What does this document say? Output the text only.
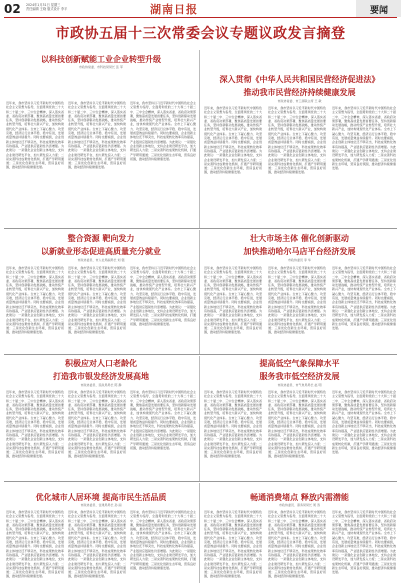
02 2024年1月31日 星期三
责任编辑 王晓 版式设计 李平	湖南日报	要闻
市政协五届十三次常委会议专题议政发言摘登
以科技创新赋能工业企业转型升级
市政协常委、市科技局局长 张 军
近年来，我市坚持以习近平新时代中国特色社会主义思想为指导，全面贯彻党的二十大和二十届二中、三中全会精神，深入落实省委、省政府决策部署，聚焦高质量发展首要任务，坚持创新驱动发展战略，推动传统产业转型升级，培育壮大新兴产业，加快构建现代化产业体系。全市上下凝心聚力、攻坚克难，经济运行总体平稳、稳中有进，发展质量效益持续提升。同时也要看到，企业创新主体地位还不够突出，科技成果转化效率有待提高，产业链供应链韧性仍需增强。为此建议：一是强化企业创新主体地位，支持企业建设研发平台，加大研发投入力度；二是完善科技成果转化机制，打通产学研用通道；三是优化创新生态环境，营造良好氛围，推动经济持续健康发展。
近年来，我市坚持以习近平新时代中国特色社会主义思想为指导，全面贯彻党的二十大和二十届二中、三中全会精神，深入落实省委、省政府决策部署，聚焦高质量发展首要任务，坚持创新驱动发展战略，推动传统产业转型升级，培育壮大新兴产业，加快构建现代化产业体系。全市上下凝心聚力、攻坚克难，经济运行总体平稳、稳中有进，发展质量效益持续提升。同时也要看到，企业创新主体地位还不够突出，科技成果转化效率有待提高，产业链供应链韧性仍需增强。为此建议：一是强化企业创新主体地位，支持企业建设研发平台，加大研发投入力度；二是完善科技成果转化机制，打通产学研用通道；三是优化创新生态环境，营造良好氛围，推动经济持续健康发展。
近年来，我市坚持以习近平新时代中国特色社会主义思想为指导，全面贯彻党的二十大和二十届二中、三中全会精神，深入落实省委、省政府决策部署，聚焦高质量发展首要任务，坚持创新驱动发展战略，推动传统产业转型升级，培育壮大新兴产业，加快构建现代化产业体系。全市上下凝心聚力、攻坚克难，经济运行总体平稳、稳中有进，发展质量效益持续提升。同时也要看到，企业创新主体地位还不够突出，科技成果转化效率有待提高，产业链供应链韧性仍需增强。为此建议：一是强化企业创新主体地位，支持企业建设研发平台，加大研发投入力度；二是完善科技成果转化机制，打通产学研用通道；三是优化创新生态环境，营造良好氛围，推动经济持续健康发展。
深入贯彻《中华人民共和国民营经济促进法》
推动我市民营经济持续健康发展
市政协常委、市工商联主席 王 敏
近年来，我市坚持以习近平新时代中国特色社会主义思想为指导，全面贯彻党的二十大和二十届二中、三中全会精神，深入落实省委、省政府决策部署，聚焦高质量发展首要任务，坚持创新驱动发展战略，推动传统产业转型升级，培育壮大新兴产业，加快构建现代化产业体系。全市上下凝心聚力、攻坚克难，经济运行总体平稳、稳中有进，发展质量效益持续提升。同时也要看到，企业创新主体地位还不够突出，科技成果转化效率有待提高，产业链供应链韧性仍需增强。为此建议：一是强化企业创新主体地位，支持企业建设研发平台，加大研发投入力度；二是完善科技成果转化机制，打通产学研用通道；三是优化创新生态环境，营造良好氛围，推动经济持续健康发展。
近年来，我市坚持以习近平新时代中国特色社会主义思想为指导，全面贯彻党的二十大和二十届二中、三中全会精神，深入落实省委、省政府决策部署，聚焦高质量发展首要任务，坚持创新驱动发展战略，推动传统产业转型升级，培育壮大新兴产业，加快构建现代化产业体系。全市上下凝心聚力、攻坚克难，经济运行总体平稳、稳中有进，发展质量效益持续提升。同时也要看到，企业创新主体地位还不够突出，科技成果转化效率有待提高，产业链供应链韧性仍需增强。为此建议：一是强化企业创新主体地位，支持企业建设研发平台，加大研发投入力度；二是完善科技成果转化机制，打通产学研用通道；三是优化创新生态环境，营造良好氛围，推动经济持续健康发展。
近年来，我市坚持以习近平新时代中国特色社会主义思想为指导，全面贯彻党的二十大和二十届二中、三中全会精神，深入落实省委、省政府决策部署，聚焦高质量发展首要任务，坚持创新驱动发展战略，推动传统产业转型升级，培育壮大新兴产业，加快构建现代化产业体系。全市上下凝心聚力、攻坚克难，经济运行总体平稳、稳中有进，发展质量效益持续提升。同时也要看到，企业创新主体地位还不够突出，科技成果转化效率有待提高，产业链供应链韧性仍需增强。为此建议：一是强化企业创新主体地位，支持企业建设研发平台，加大研发投入力度；二是完善科技成果转化机制，打通产学研用通道；三是优化创新生态环境，营造良好氛围，推动经济持续健康发展。
整合资源 靶向发力
以新就业形态促进高质量充分就业
市政协委员、市人社局副局长 刘 强
近年来，我市坚持以习近平新时代中国特色社会主义思想为指导，全面贯彻党的二十大和二十届二中、三中全会精神，深入落实省委、省政府决策部署，聚焦高质量发展首要任务，坚持创新驱动发展战略，推动传统产业转型升级，培育壮大新兴产业，加快构建现代化产业体系。全市上下凝心聚力、攻坚克难，经济运行总体平稳、稳中有进，发展质量效益持续提升。同时也要看到，企业创新主体地位还不够突出，科技成果转化效率有待提高，产业链供应链韧性仍需增强。为此建议：一是强化企业创新主体地位，支持企业建设研发平台，加大研发投入力度；二是完善科技成果转化机制，打通产学研用通道；三是优化创新生态环境，营造良好氛围，推动经济持续健康发展。
近年来，我市坚持以习近平新时代中国特色社会主义思想为指导，全面贯彻党的二十大和二十届二中、三中全会精神，深入落实省委、省政府决策部署，聚焦高质量发展首要任务，坚持创新驱动发展战略，推动传统产业转型升级，培育壮大新兴产业，加快构建现代化产业体系。全市上下凝心聚力、攻坚克难，经济运行总体平稳、稳中有进，发展质量效益持续提升。同时也要看到，企业创新主体地位还不够突出，科技成果转化效率有待提高，产业链供应链韧性仍需增强。为此建议：一是强化企业创新主体地位，支持企业建设研发平台，加大研发投入力度；二是完善科技成果转化机制，打通产学研用通道；三是优化创新生态环境，营造良好氛围，推动经济持续健康发展。
近年来，我市坚持以习近平新时代中国特色社会主义思想为指导，全面贯彻党的二十大和二十届二中、三中全会精神，深入落实省委、省政府决策部署，聚焦高质量发展首要任务，坚持创新驱动发展战略，推动传统产业转型升级，培育壮大新兴产业，加快构建现代化产业体系。全市上下凝心聚力、攻坚克难，经济运行总体平稳、稳中有进，发展质量效益持续提升。同时也要看到，企业创新主体地位还不够突出，科技成果转化效率有待提高，产业链供应链韧性仍需增强。为此建议：一是强化企业创新主体地位，支持企业建设研发平台，加大研发投入力度；二是完善科技成果转化机制，打通产学研用通道；三是优化创新生态环境，营造良好氛围，推动经济持续健康发展。
壮大市场主体 催化创新驱动
加快推动哈尔马店平台经济发展
市政协委员 李 华
近年来，我市坚持以习近平新时代中国特色社会主义思想为指导，全面贯彻党的二十大和二十届二中、三中全会精神，深入落实省委、省政府决策部署，聚焦高质量发展首要任务，坚持创新驱动发展战略，推动传统产业转型升级，培育壮大新兴产业，加快构建现代化产业体系。全市上下凝心聚力、攻坚克难，经济运行总体平稳、稳中有进，发展质量效益持续提升。同时也要看到，企业创新主体地位还不够突出，科技成果转化效率有待提高，产业链供应链韧性仍需增强。为此建议：一是强化企业创新主体地位，支持企业建设研发平台，加大研发投入力度；二是完善科技成果转化机制，打通产学研用通道；三是优化创新生态环境，营造良好氛围，推动经济持续健康发展。
近年来，我市坚持以习近平新时代中国特色社会主义思想为指导，全面贯彻党的二十大和二十届二中、三中全会精神，深入落实省委、省政府决策部署，聚焦高质量发展首要任务，坚持创新驱动发展战略，推动传统产业转型升级，培育壮大新兴产业，加快构建现代化产业体系。全市上下凝心聚力、攻坚克难，经济运行总体平稳、稳中有进，发展质量效益持续提升。同时也要看到，企业创新主体地位还不够突出，科技成果转化效率有待提高，产业链供应链韧性仍需增强。为此建议：一是强化企业创新主体地位，支持企业建设研发平台，加大研发投入力度；二是完善科技成果转化机制，打通产学研用通道；三是优化创新生态环境，营造良好氛围，推动经济持续健康发展。
近年来，我市坚持以习近平新时代中国特色社会主义思想为指导，全面贯彻党的二十大和二十届二中、三中全会精神，深入落实省委、省政府决策部署，聚焦高质量发展首要任务，坚持创新驱动发展战略，推动传统产业转型升级，培育壮大新兴产业，加快构建现代化产业体系。全市上下凝心聚力、攻坚克难，经济运行总体平稳、稳中有进，发展质量效益持续提升。同时也要看到，企业创新主体地位还不够突出，科技成果转化效率有待提高，产业链供应链韧性仍需增强。为此建议：一是强化企业创新主体地位，支持企业建设研发平台，加大研发投入力度；二是完善科技成果转化机制，打通产学研用通道；三是优化创新生态环境，营造良好氛围，推动经济持续健康发展。
积极应对人口老龄化
打造我市银发经济发展高地
市政协委员、民政局局长 陈 静
近年来，我市坚持以习近平新时代中国特色社会主义思想为指导，全面贯彻党的二十大和二十届二中、三中全会精神，深入落实省委、省政府决策部署，聚焦高质量发展首要任务，坚持创新驱动发展战略，推动传统产业转型升级，培育壮大新兴产业，加快构建现代化产业体系。全市上下凝心聚力、攻坚克难，经济运行总体平稳、稳中有进，发展质量效益持续提升。同时也要看到，企业创新主体地位还不够突出，科技成果转化效率有待提高，产业链供应链韧性仍需增强。为此建议：一是强化企业创新主体地位，支持企业建设研发平台，加大研发投入力度；二是完善科技成果转化机制，打通产学研用通道；三是优化创新生态环境，营造良好氛围，推动经济持续健康发展。
近年来，我市坚持以习近平新时代中国特色社会主义思想为指导，全面贯彻党的二十大和二十届二中、三中全会精神，深入落实省委、省政府决策部署，聚焦高质量发展首要任务，坚持创新驱动发展战略，推动传统产业转型升级，培育壮大新兴产业，加快构建现代化产业体系。全市上下凝心聚力、攻坚克难，经济运行总体平稳、稳中有进，发展质量效益持续提升。同时也要看到，企业创新主体地位还不够突出，科技成果转化效率有待提高，产业链供应链韧性仍需增强。为此建议：一是强化企业创新主体地位，支持企业建设研发平台，加大研发投入力度；二是完善科技成果转化机制，打通产学研用通道；三是优化创新生态环境，营造良好氛围，推动经济持续健康发展。
近年来，我市坚持以习近平新时代中国特色社会主义思想为指导，全面贯彻党的二十大和二十届二中、三中全会精神，深入落实省委、省政府决策部署，聚焦高质量发展首要任务，坚持创新驱动发展战略，推动传统产业转型升级，培育壮大新兴产业，加快构建现代化产业体系。全市上下凝心聚力、攻坚克难，经济运行总体平稳、稳中有进，发展质量效益持续提升。同时也要看到，企业创新主体地位还不够突出，科技成果转化效率有待提高，产业链供应链韧性仍需增强。为此建议：一是强化企业创新主体地位，支持企业建设研发平台，加大研发投入力度；二是完善科技成果转化机制，打通产学研用通道；三是优化创新生态环境，营造良好氛围，推动经济持续健康发展。
提高低空气象保障水平
服务我市低空经济发展
市政协委员、市气象局局长 赵 明
近年来，我市坚持以习近平新时代中国特色社会主义思想为指导，全面贯彻党的二十大和二十届二中、三中全会精神，深入落实省委、省政府决策部署，聚焦高质量发展首要任务，坚持创新驱动发展战略，推动传统产业转型升级，培育壮大新兴产业，加快构建现代化产业体系。全市上下凝心聚力、攻坚克难，经济运行总体平稳、稳中有进，发展质量效益持续提升。同时也要看到，企业创新主体地位还不够突出，科技成果转化效率有待提高，产业链供应链韧性仍需增强。为此建议：一是强化企业创新主体地位，支持企业建设研发平台，加大研发投入力度；二是完善科技成果转化机制，打通产学研用通道；三是优化创新生态环境，营造良好氛围，推动经济持续健康发展。
近年来，我市坚持以习近平新时代中国特色社会主义思想为指导，全面贯彻党的二十大和二十届二中、三中全会精神，深入落实省委、省政府决策部署，聚焦高质量发展首要任务，坚持创新驱动发展战略，推动传统产业转型升级，培育壮大新兴产业，加快构建现代化产业体系。全市上下凝心聚力、攻坚克难，经济运行总体平稳、稳中有进，发展质量效益持续提升。同时也要看到，企业创新主体地位还不够突出，科技成果转化效率有待提高，产业链供应链韧性仍需增强。为此建议：一是强化企业创新主体地位，支持企业建设研发平台，加大研发投入力度；二是完善科技成果转化机制，打通产学研用通道；三是优化创新生态环境，营造良好氛围，推动经济持续健康发展。
近年来，我市坚持以习近平新时代中国特色社会主义思想为指导，全面贯彻党的二十大和二十届二中、三中全会精神，深入落实省委、省政府决策部署，聚焦高质量发展首要任务，坚持创新驱动发展战略，推动传统产业转型升级，培育壮大新兴产业，加快构建现代化产业体系。全市上下凝心聚力、攻坚克难，经济运行总体平稳、稳中有进，发展质量效益持续提升。同时也要看到，企业创新主体地位还不够突出，科技成果转化效率有待提高，产业链供应链韧性仍需增强。为此建议：一是强化企业创新主体地位，支持企业建设研发平台，加大研发投入力度；二是完善科技成果转化机制，打通产学研用通道；三是优化创新生态环境，营造良好氛围，推动经济持续健康发展。
优化城市人居环境 提高市民生活品质
市政协委员、住建局局长 孙 丽
近年来，我市坚持以习近平新时代中国特色社会主义思想为指导，全面贯彻党的二十大和二十届二中、三中全会精神，深入落实省委、省政府决策部署，聚焦高质量发展首要任务，坚持创新驱动发展战略，推动传统产业转型升级，培育壮大新兴产业，加快构建现代化产业体系。全市上下凝心聚力、攻坚克难，经济运行总体平稳、稳中有进，发展质量效益持续提升。同时也要看到，企业创新主体地位还不够突出，科技成果转化效率有待提高，产业链供应链韧性仍需增强。为此建议：一是强化企业创新主体地位，支持企业建设研发平台，加大研发投入力度；二是完善科技成果转化机制，打通产学研用通道；三是优化创新生态环境，营造良好氛围，推动经济持续健康发展。
近年来，我市坚持以习近平新时代中国特色社会主义思想为指导，全面贯彻党的二十大和二十届二中、三中全会精神，深入落实省委、省政府决策部署，聚焦高质量发展首要任务，坚持创新驱动发展战略，推动传统产业转型升级，培育壮大新兴产业，加快构建现代化产业体系。全市上下凝心聚力、攻坚克难，经济运行总体平稳、稳中有进，发展质量效益持续提升。同时也要看到，企业创新主体地位还不够突出，科技成果转化效率有待提高，产业链供应链韧性仍需增强。为此建议：一是强化企业创新主体地位，支持企业建设研发平台，加大研发投入力度；二是完善科技成果转化机制，打通产学研用通道；三是优化创新生态环境，营造良好氛围，推动经济持续健康发展。
近年来，我市坚持以习近平新时代中国特色社会主义思想为指导，全面贯彻党的二十大和二十届二中、三中全会精神，深入落实省委、省政府决策部署，聚焦高质量发展首要任务，坚持创新驱动发展战略，推动传统产业转型升级，培育壮大新兴产业，加快构建现代化产业体系。全市上下凝心聚力、攻坚克难，经济运行总体平稳、稳中有进，发展质量效益持续提升。同时也要看到，企业创新主体地位还不够突出，科技成果转化效率有待提高，产业链供应链韧性仍需增强。为此建议：一是强化企业创新主体地位，支持企业建设研发平台，加大研发投入力度；二是完善科技成果转化机制，打通产学研用通道；三是优化创新生态环境，营造良好氛围，推动经济持续健康发展。
畅通消费堵点 释放内需潜能
市政协委员、商务局局长 周 涛
近年来，我市坚持以习近平新时代中国特色社会主义思想为指导，全面贯彻党的二十大和二十届二中、三中全会精神，深入落实省委、省政府决策部署，聚焦高质量发展首要任务，坚持创新驱动发展战略，推动传统产业转型升级，培育壮大新兴产业，加快构建现代化产业体系。全市上下凝心聚力、攻坚克难，经济运行总体平稳、稳中有进，发展质量效益持续提升。同时也要看到，企业创新主体地位还不够突出，科技成果转化效率有待提高，产业链供应链韧性仍需增强。为此建议：一是强化企业创新主体地位，支持企业建设研发平台，加大研发投入力度；二是完善科技成果转化机制，打通产学研用通道；三是优化创新生态环境，营造良好氛围，推动经济持续健康发展。
近年来，我市坚持以习近平新时代中国特色社会主义思想为指导，全面贯彻党的二十大和二十届二中、三中全会精神，深入落实省委、省政府决策部署，聚焦高质量发展首要任务，坚持创新驱动发展战略，推动传统产业转型升级，培育壮大新兴产业，加快构建现代化产业体系。全市上下凝心聚力、攻坚克难，经济运行总体平稳、稳中有进，发展质量效益持续提升。同时也要看到，企业创新主体地位还不够突出，科技成果转化效率有待提高，产业链供应链韧性仍需增强。为此建议：一是强化企业创新主体地位，支持企业建设研发平台，加大研发投入力度；二是完善科技成果转化机制，打通产学研用通道；三是优化创新生态环境，营造良好氛围，推动经济持续健康发展。
近年来，我市坚持以习近平新时代中国特色社会主义思想为指导，全面贯彻党的二十大和二十届二中、三中全会精神，深入落实省委、省政府决策部署，聚焦高质量发展首要任务，坚持创新驱动发展战略，推动传统产业转型升级，培育壮大新兴产业，加快构建现代化产业体系。全市上下凝心聚力、攻坚克难，经济运行总体平稳、稳中有进，发展质量效益持续提升。同时也要看到，企业创新主体地位还不够突出，科技成果转化效率有待提高，产业链供应链韧性仍需增强。为此建议：一是强化企业创新主体地位，支持企业建设研发平台，加大研发投入力度；二是完善科技成果转化机制，打通产学研用通道；三是优化创新生态环境，营造良好氛围，推动经济持续健康发展。
